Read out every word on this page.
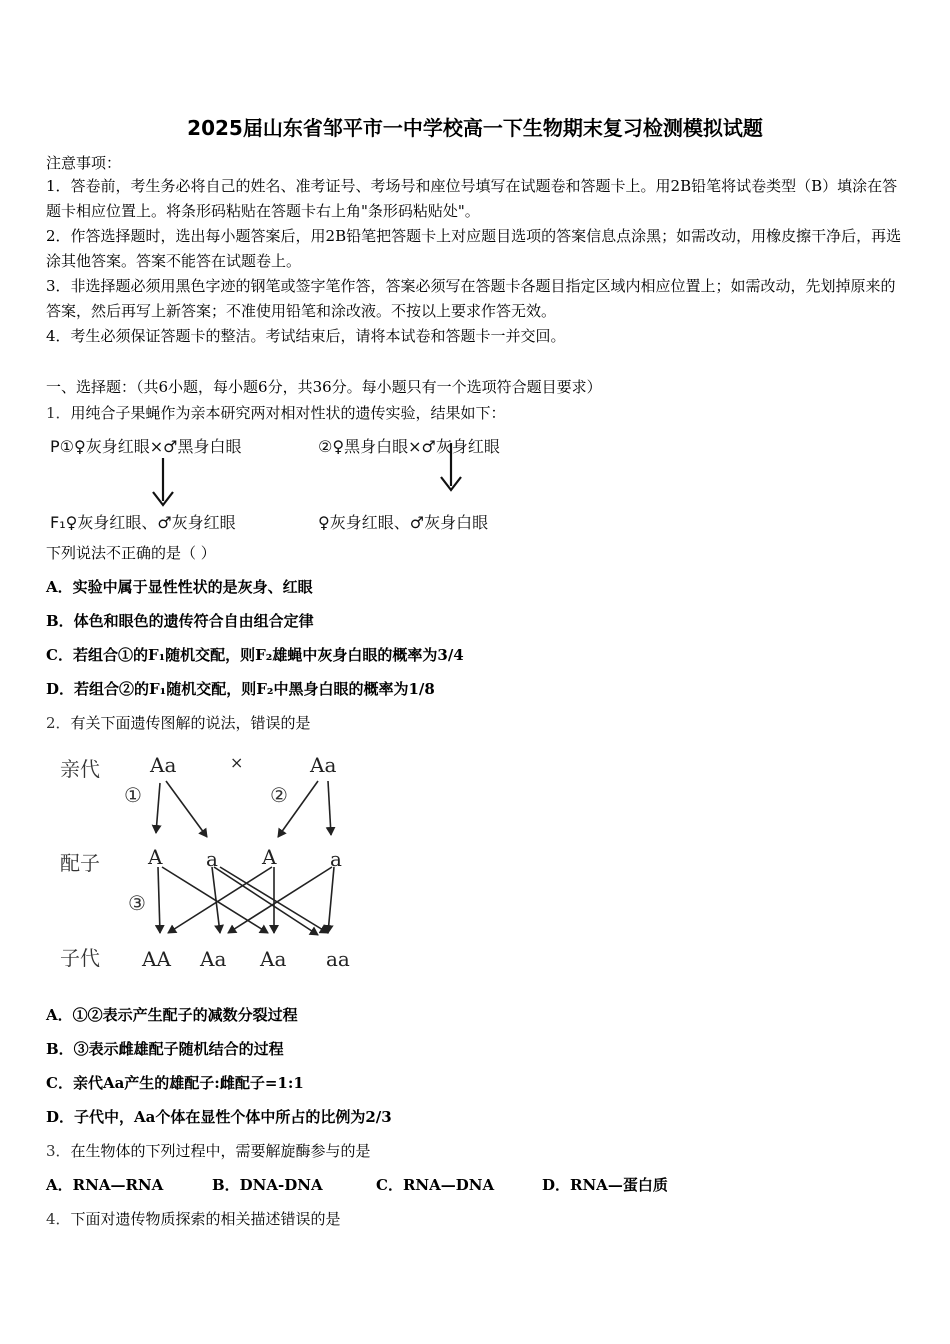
2025届山东省邹平市一中学校高一下生物期末复习检测模拟试题
注意事项：
1．答卷前，考生务必将自己的姓名、准考证号、考场号和座位号填写在试题卷和答题卡上。用2B铅笔将试卷类型（B）填涂在答题卡相应位置上。将条形码粘贴在答题卡右上角"条形码粘贴处"。
2．作答选择题时，选出每小题答案后，用2B铅笔把答题卡上对应题目选项的答案信息点涂黑；如需改动，用橡皮擦干净后，再选涂其他答案。答案不能答在试题卷上。
3．非选择题必须用黑色字迹的钢笔或签字笔作答，答案必须写在答题卡各题目指定区域内相应位置上；如需改动，先划掉原来的答案，然后再写上新答案；不准使用铅笔和涂改液。不按以上要求作答无效。
4．考生必须保证答题卡的整洁。考试结束后，请将本试卷和答题卡一并交回。
一、选择题：（共6小题，每小题6分，共36分。每小题只有一个选项符合题目要求）
1．用纯合子果蝇作为亲本研究两对相对性状的遗传实验，结果如下：
P①♀灰身红眼×♂黑身白眼	②♀黑身白眼×♂灰身红眼
F₁♀灰身红眼、♂灰身红眼	♀灰身红眼、♂灰身白眼
下列说法不正确的是（ ）
A．实验中属于显性性状的是灰身、红眼
B．体色和眼色的遗传符合自由组合定律
C．若组合①的F₁随机交配，则F₂雄蝇中灰身白眼的概率为3/4
D．若组合②的F₁随机交配，则F₂中黑身白眼的概率为1/8
2．有关下面遗传图解的说法，错误的是
亲代
配子
子代
Aa	×	Aa
①	②
③
A a A	a
AA Aa Aa aa
A．①②表示产生配子的减数分裂过程
B．③表示雌雄配子随机结合的过程
C．亲代Aa产生的雄配子:雌配子=1:1
D．子代中，Aa个体在显性个体中所占的比例为2/3
3．在生物体的下列过程中，需要解旋酶参与的是
A．RNA—RNA	B．DNA-DNA	C．RNA—DNA	D．RNA—蛋白质
4．下面对遗传物质探索的相关描述错误的是
